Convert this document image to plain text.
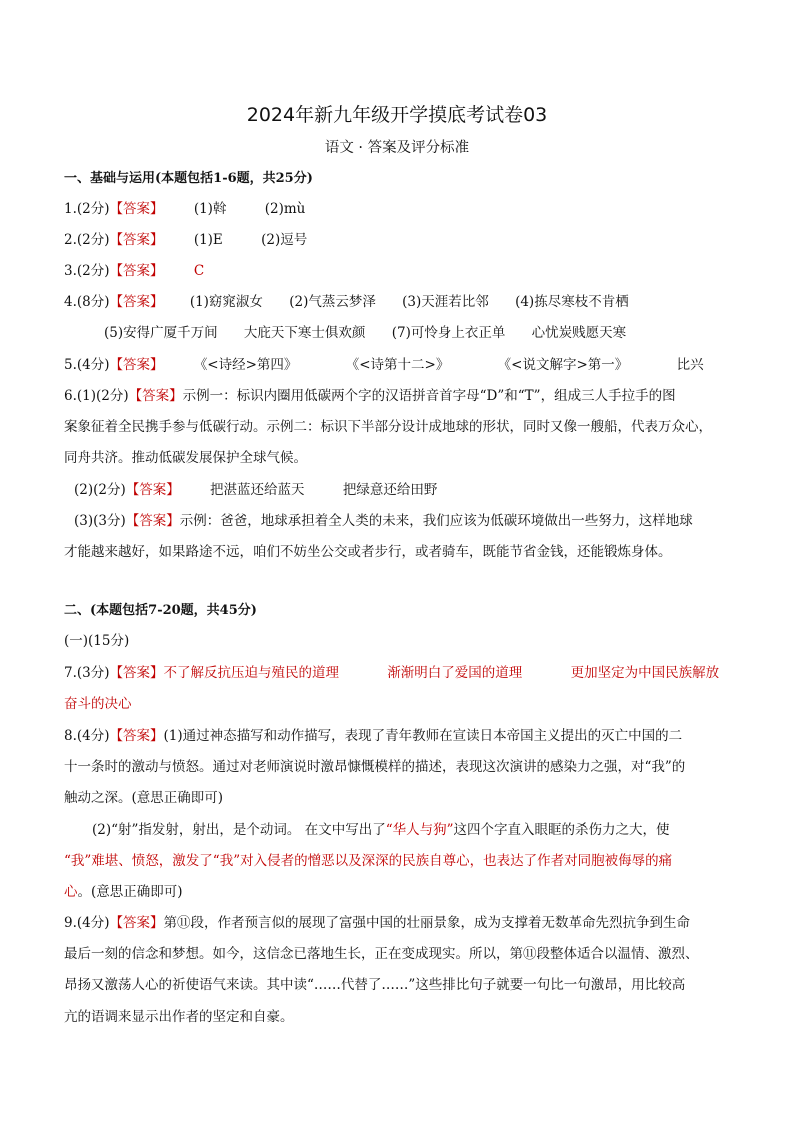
2024年新九年级开学摸底考试卷03
语文 · 答案及评分标准
一、基础与运用(本题包括1-6题，共25分)
1.(2分)【答案】 (1)斡	(2)mù
2.(2分)【答案】 (1)E	(2)逗号
3.(2分)【答案】 C
4.(8分)【答案】 (1)窈窕淑女 (2)气蒸云梦泽 (3)天涯若比邻 (4)拣尽寒枝不肯栖
(5)安得广厦千万间 大庇天下寒士俱欢颜 (7)可怜身上衣正单 心忧炭贱愿天寒
5.(4分)【答案】 《<诗经>第四》	《<诗第十二>》	《<说文解字>第一》	比兴
6.(1)(2分)【答案】示例一：标识内圈用低碳两个字的汉语拼音首字母“D”和“T”，组成三人手拉手的图
案象征着全民携手参与低碳行动。示例二：标识下半部分设计成地球的形状，同时又像一艘船，代表万众心，
同舟共济。推动低碳发展保护全球气候。
(2)(2分)【答案】 把湛蓝还给蓝天	把绿意还给田野
(3)(3分)【答案】示例：爸爸，地球承担着全人类的未来，我们应该为低碳环境做出一些努力，这样地球
才能越来越好，如果路途不远，咱们不妨坐公交或者步行，或者骑车，既能节省金钱，还能锻炼身体。
二、(本题包括7-20题，共45分)
(一)(15分)
7.(3分)【答案】不了解反抗压迫与殖民的道理	渐渐明白了爱国的道理	更加坚定为中国民族解放
奋斗的决心
8.(4分)【答案】(1)通过神态描写和动作描写，表现了青年教师在宣读日本帝国主义提出的灭亡中国的二
十一条时的激动与愤怒。通过对老师演说时激昂慷慨模样的描述，表现这次演讲的感染力之强，对“我”的
触动之深。(意思正确即可)
(2)“射”指发射，射出，是个动词。 在文中写出了“华人与狗”这四个字直入眼眶的杀伤力之大，使
“我”难堪、愤怒，激发了“我”对入侵者的憎恶以及深深的民族自尊心，也表达了作者对同胞被侮辱的痛
心。(意思正确即可)
9.(4分)【答案】第⑪段，作者预言似的展现了富强中国的壮丽景象，成为支撑着无数革命先烈抗争到生命
最后一刻的信念和梦想。如今，这信念已落地生长，正在变成现实。所以，第⑪段整体适合以温情、激烈、
昂扬又激荡人心的祈使语气来读。其中读“……代替了……”这些排比句子就要一句比一句激昂，用比较高
亢的语调来显示出作者的坚定和自豪。
